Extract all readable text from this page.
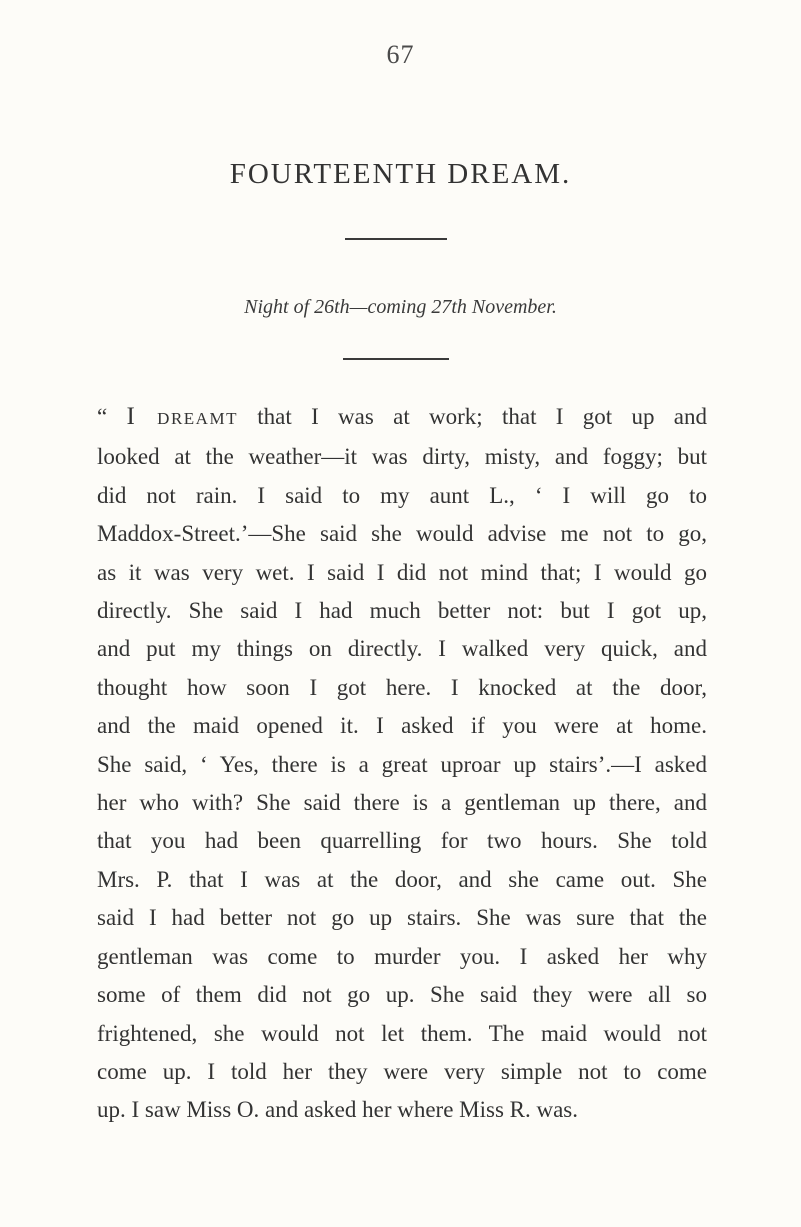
67
FOURTEENTH DREAM.
Night of 26th—coming 27th November.
“ I DREAMT that I was at work; that I got up and
looked at the weather—it was dirty, misty, and foggy; but
did not rain. I said to my aunt L., ‘ I will go to
Maddox-Street.’—She said she would advise me not to go,
as it was very wet. I said I did not mind that; I would go
directly. She said I had much better not: but I got up,
and put my things on directly. I walked very quick, and
thought how soon I got here. I knocked at the door,
and the maid opened it. I asked if you were at home.
She said, ‘ Yes, there is a great uproar up stairs’.—I asked
her who with? She said there is a gentleman up there, and
that you had been quarrelling for two hours. She told
Mrs. P. that I was at the door, and she came out. She
said I had better not go up stairs. She was sure that the
gentleman was come to murder you. I asked her why
some of them did not go up. She said they were all so
frightened, she would not let them. The maid would not
come up. I told her they were very simple not to come
up. I saw Miss O. and asked her where Miss R. was.
